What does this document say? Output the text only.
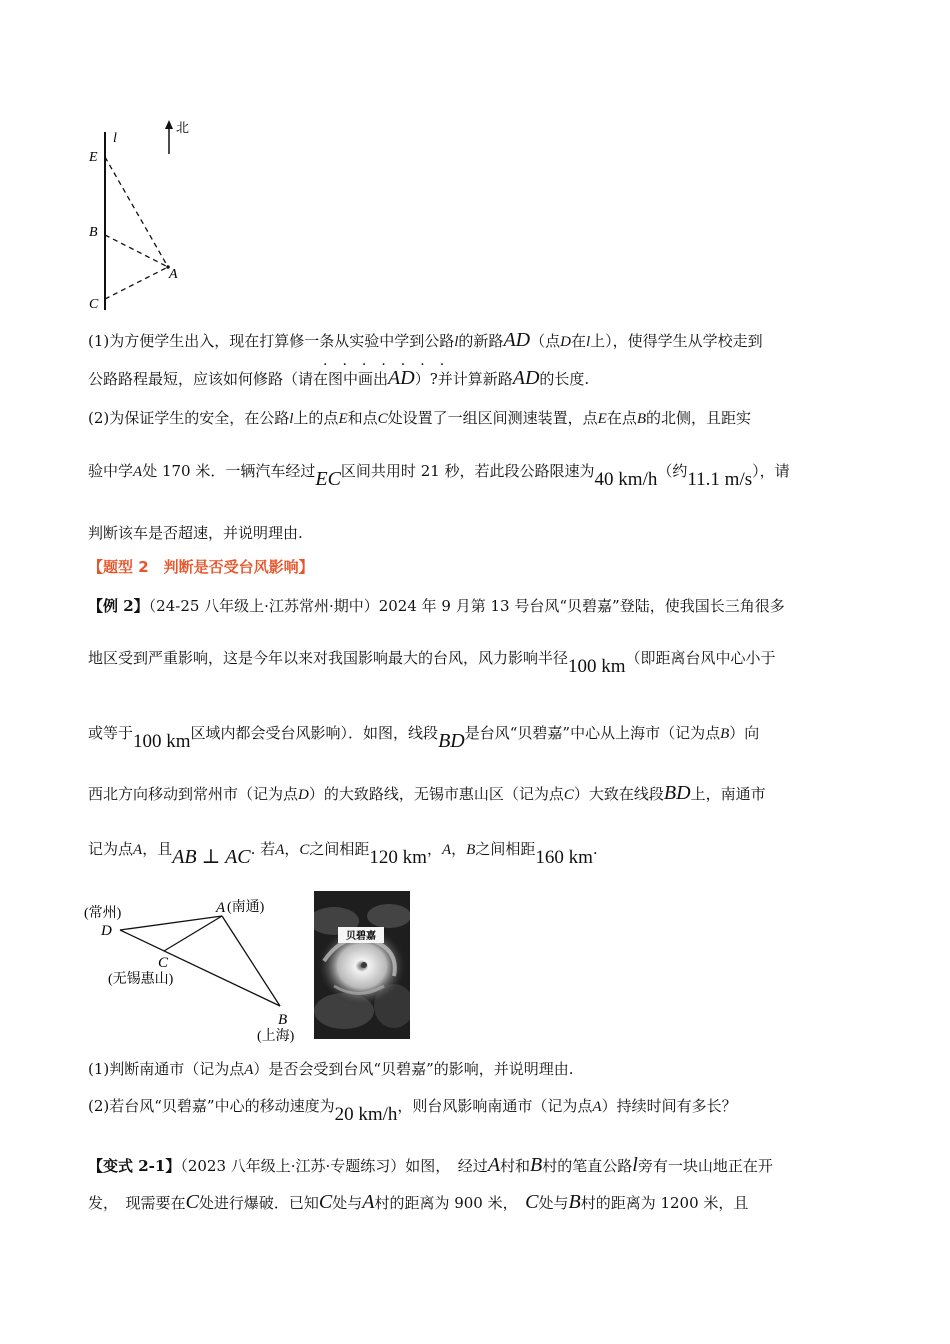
北
l
E
B
A
C
(1)为方便学生出入，现在打算修一条从实验中学到公路l的新路AD（点D在l上），使得学生从学校走到
·······
公路路程最短，应该如何修路（请在图中画出AD）?并计算新路AD的长度.
(2)为保证学生的安全，在公路l上的点E和点C处设置了一组区间测速装置，点E在点B的北侧，且距实
验中学A处 170 米．一辆汽车经过EC区间共用时 21 秒，若此段公路限速为40 km/h（约11.1 m/s），请
判断该车是否超速，并说明理由.
【题型 2　判断是否受台风影响】
【例 2】（24-25 八年级上·江苏常州·期中）2024 年 9 月第 13 号台风“贝碧嘉”登陆，使我国长三角很多
地区受到严重影响，这是今年以来对我国影响最大的台风，风力影响半径100 km（即距离台风中心小于
或等于100 km区域内都会受台风影响）．如图，线段BD是台风“贝碧嘉”中心从上海市（记为点B）向
西北方向移动到常州市（记为点D）的大致路线，无锡市惠山区（记为点C）大致在线段BD上，南通市
记为点A，且AB ⊥ AC. 若A，C之间相距120 km，A，B之间相距160 km.
(常州)
D
A (南通)
C
(无锡惠山)
B
(上海)
贝碧嘉
(1)判断南通市（记为点A）是否会受到台风“贝碧嘉”的影响，并说明理由.
(2)若台风“贝碧嘉”中心的移动速度为20 km/h，则台风影响南通市（记为点A）持续时间有多长？
【变式 2-1】（2023 八年级上·江苏·专题练习）如图，　经过A村和B村的笔直公路l旁有一块山地正在开
发，　现需要在C处进行爆破．已知C处与A村的距离为 900 米，　C处与B村的距离为 1200 米，且
